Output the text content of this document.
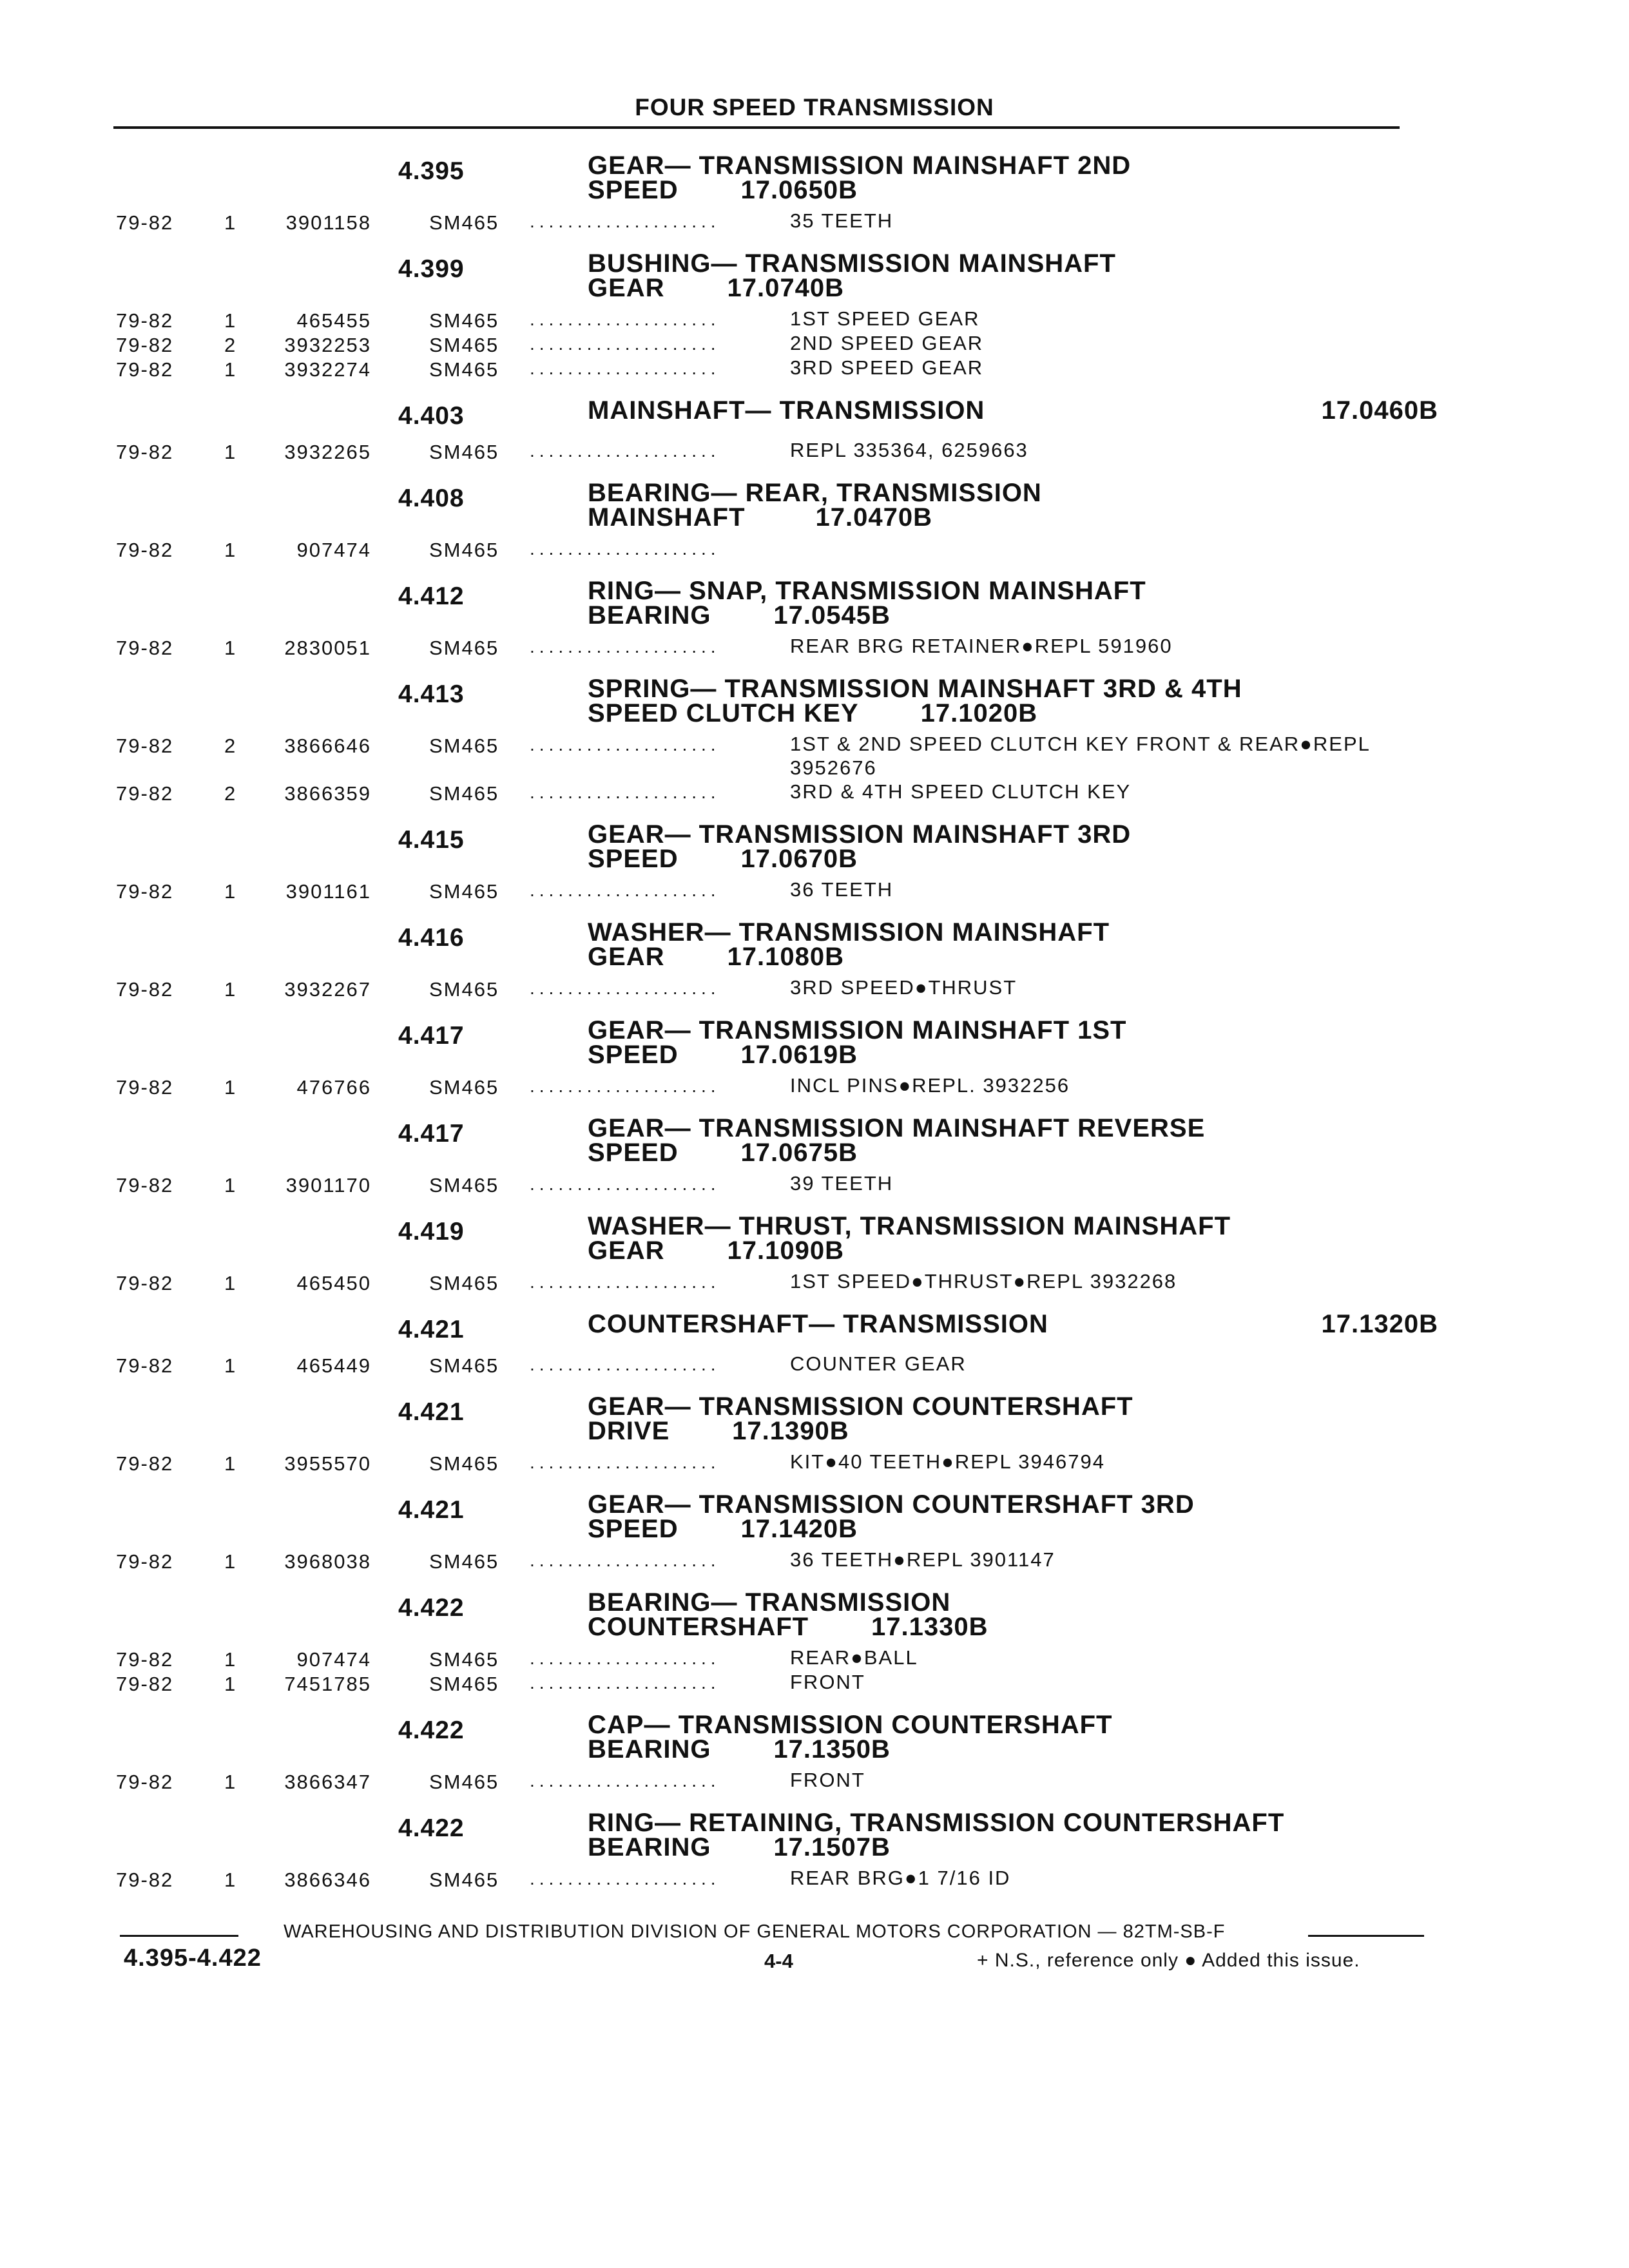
FOUR SPEED TRANSMISSION
4.395	GEAR— TRANSMISSION MAINSHAFT 2ND
SPEED        17.0650B
79-82	1 3901158	SM465	35 TEETH
....................
4.399	BUSHING— TRANSMISSION MAINSHAFT
GEAR        17.0740B
79-82	1	465455	SM465	1ST SPEED GEAR
....................
79-82	2 3932253	SM465	2ND SPEED GEAR
....................
79-82	1 3932274	SM465	3RD SPEED GEAR
....................
4.403	MAINSHAFT— TRANSMISSION	17.0460B
79-82	1 3932265	SM465	REPL 335364, 6259663
....................
4.408	BEARING— REAR, TRANSMISSION
MAINSHAFT         17.0470B
79-82	1	907474	SM465 ....................
4.412	RING— SNAP, TRANSMISSION MAINSHAFT
BEARING        17.0545B
79-82	1 2830051	SM465	REAR BRG RETAINER●REPL 591960
....................
4.413	SPRING— TRANSMISSION MAINSHAFT 3RD & 4TH
SPEED CLUTCH KEY        17.1020B
79-82	2 3866646	SM465	1ST & 2ND SPEED CLUTCH KEY FRONT & REAR●REPL 3952676
....................
79-82	2 3866359	SM465	3RD & 4TH SPEED CLUTCH KEY
....................
4.415	GEAR— TRANSMISSION MAINSHAFT 3RD
SPEED        17.0670B
79-82	1 3901161	SM465	36 TEETH
....................
4.416	WASHER— TRANSMISSION MAINSHAFT
GEAR        17.1080B
79-82	1 3932267	SM465	3RD SPEED●THRUST
....................
4.417	GEAR— TRANSMISSION MAINSHAFT 1ST
SPEED        17.0619B
79-82	1	476766	SM465	INCL PINS●REPL. 3932256
....................
4.417	GEAR— TRANSMISSION MAINSHAFT REVERSE
SPEED        17.0675B
79-82	1 3901170	SM465	39 TEETH
....................
4.419	WASHER— THRUST, TRANSMISSION MAINSHAFT
GEAR        17.1090B
79-82	1	465450	SM465	1ST SPEED●THRUST●REPL 3932268
....................
4.421	COUNTERSHAFT— TRANSMISSION	17.1320B
79-82	1	465449	SM465	COUNTER GEAR
....................
4.421	GEAR— TRANSMISSION COUNTERSHAFT
DRIVE        17.1390B
79-82	1 3955570	SM465	KIT●40 TEETH●REPL 3946794
....................
4.421	GEAR— TRANSMISSION COUNTERSHAFT 3RD
SPEED        17.1420B
79-82	1 3968038	SM465	36 TEETH●REPL 3901147
....................
4.422	BEARING— TRANSMISSION
COUNTERSHAFT        17.1330B
79-82	1	907474	SM465	REAR●BALL
....................
79-82	1 7451785	SM465	FRONT
....................
4.422	CAP— TRANSMISSION COUNTERSHAFT
BEARING        17.1350B
79-82	1 3866347	SM465	FRONT
....................
4.422	RING— RETAINING, TRANSMISSION COUNTERSHAFT
BEARING        17.1507B
79-82	1 3866346	SM465	REAR BRG●1 7/16 ID
....................
WAREHOUSING AND DISTRIBUTION DIVISION OF GENERAL MOTORS CORPORATION — 82TM-SB-F
4.395-4.422	4-4	+ N.S., reference only ● Added this issue.
